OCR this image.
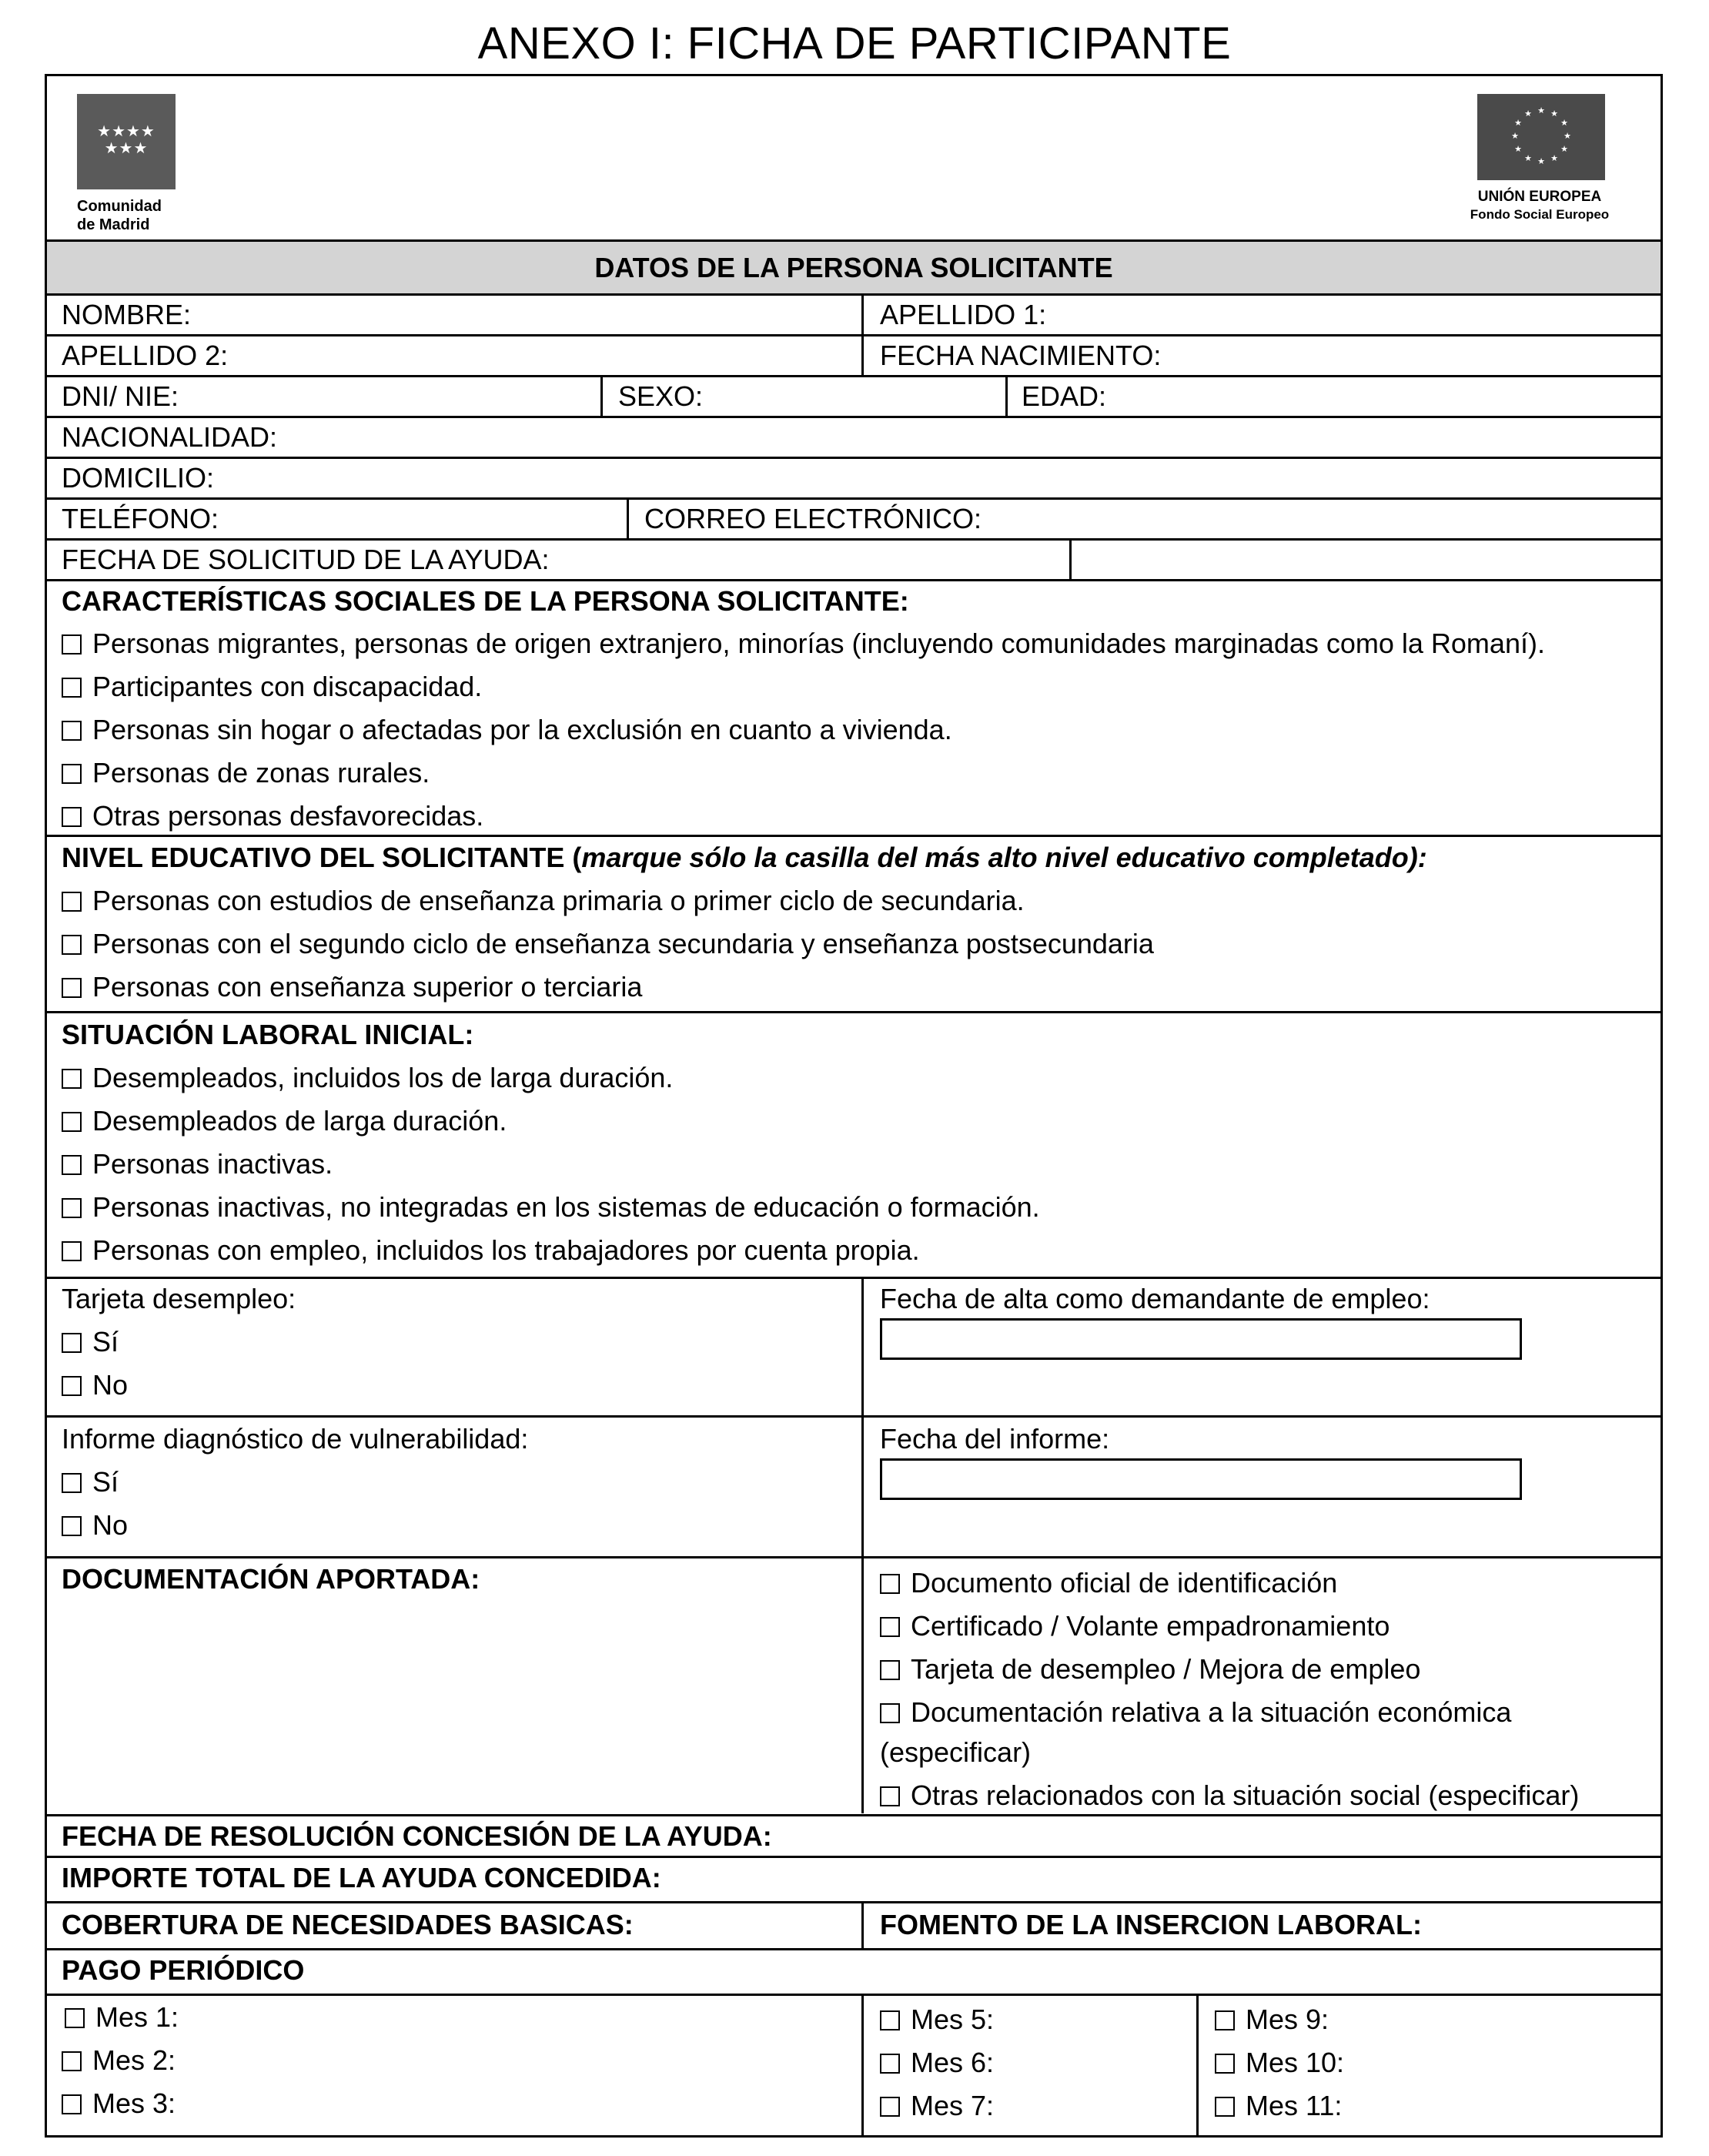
ANEXO I: FICHA DE PARTICIPANTE
★★★★
★★★
Comunidad
de Madrid
★ ★
★
★
★
★
★
★
★
★
★
★
UNIÓN EUROPEA
Fondo Social Europeo
DATOS DE LA PERSONA SOLICITANTE
NOMBRE:	APELLIDO 1:
APELLIDO 2:	FECHA NACIMIENTO:
DNI/ NIE:	SEXO:	EDAD:
NACIONALIDAD:
DOMICILIO:
TELÉFONO:	CORREO ELECTRÓNICO:
FECHA DE SOLICITUD DE LA AYUDA:
CARACTERÍSTICAS SOCIALES DE LA PERSONA SOLICITANTE:
Personas migrantes, personas de origen extranjero, minorías (incluyendo comunidades marginadas como la Romaní).
Participantes con discapacidad.
Personas sin hogar o afectadas por la exclusión en cuanto a vivienda.
Personas de zonas rurales.
Otras personas desfavorecidas.
NIVEL EDUCATIVO DEL SOLICITANTE (marque sólo la casilla del más alto nivel educativo completado):
Personas con estudios de enseñanza primaria o primer ciclo de secundaria.
Personas con el segundo ciclo de enseñanza secundaria y enseñanza postsecundaria
Personas con enseñanza superior o terciaria
SITUACIÓN LABORAL INICIAL:
Desempleados, incluidos los de larga duración.
Desempleados de larga duración.
Personas inactivas.
Personas inactivas, no integradas en los sistemas de educación o formación.
Personas con empleo, incluidos los trabajadores por cuenta propia.
Tarjeta desempleo:
Sí
No
Fecha de alta como demandante de empleo:
Informe diagnóstico de vulnerabilidad:
Sí
No
Fecha del informe:
DOCUMENTACIÓN APORTADA:	Documento oficial de identificación
Certificado / Volante empadronamiento
Tarjeta de desempleo / Mejora de empleo
Documentación relativa a la situación económica
(especificar)
Otras relacionados con la situación social (especificar)
FECHA DE RESOLUCIÓN CONCESIÓN DE LA AYUDA:
IMPORTE TOTAL DE LA AYUDA CONCEDIDA:
COBERTURA DE NECESIDADES BASICAS:	FOMENTO DE LA INSERCION LABORAL:
PAGO PERIÓDICO
Mes 1:
Mes 2:
Mes 3:
Mes 5:
Mes 6:
Mes 7:
Mes 9:
Mes 10:
Mes 11:
